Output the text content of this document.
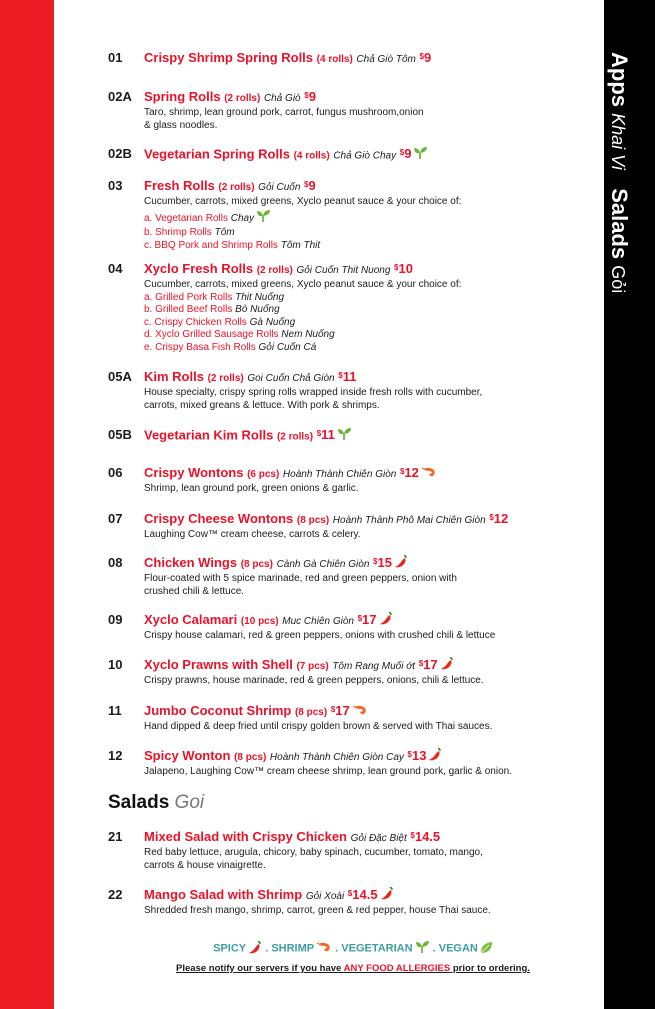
Apps Khai Vi   Salads Gỏi
01 Crispy Shrimp Spring Rolls (4 rolls) Chả Giò Tôm $9
02A Spring Rolls (2 rolls) Chả Giò $9
Taro, shrimp, lean ground pork, carrot, fungus mushroom,onion
& glass noodles.
02B Vegetarian Spring Rolls (4 rolls) Chả Giò Chay $9
03 Fresh Rolls (2 rolls) Gỏi Cuốn $9
Cucumber, carrots, mixed greens, Xyclo peanut sauce & your choice of:
a. Vegetarian Rolls Chay
b. Shrimp Rolls Tôm
c. BBQ Pork and Shrimp Rolls Tôm Thit
04 Xyclo Fresh Rolls (2 rolls) Gỏi Cuốn Thit Nuong $10
Cucumber, carrots, mixed greens, Xyclo peanut sauce & your choice of:
a. Grilled Pork Rolls Thit Nuống
b. Grilled Beef Rolls Bò Nuống
c. Crispy Chicken Rolls Gà Nuống
d. Xyclo Grilled Sausage Rolls Nem Nuống
e. Crispy Basa Fish Rolls Gỏi Cuốn Cá
05A Kim Rolls (2 rolls) Goi Cuốn Chả Giòn $11
House specialty, crispy spring rolls wrapped inside fresh rolls with cucumber,
carrots, mixed greans & lettuce. With pork & shrimps.
05B Vegetarian Kim Rolls (2 rolls) $11
06 Crispy Wontons (6 pcs) Hoành Thành Chiên Giòn $12
Shrimp, lean ground pork, green onions & garlic.
07 Crispy Cheese Wontons (8 pcs) Hoành Thành Phô Mai Chiên Giòn $12
Laughing Cow™ cream cheese, carrots & celery.
08 Chicken Wings (8 pcs) Cành Gà Chiên Giòn $15
Flour-coated with 5 spice marinade, red and green peppers, onion with
crushed chili & lettuce.
09 Xyclo Calamari (10 pcs) Muc Chiên Giòn $17
Crispy house calamari, red & green peppers, onions with crushed chili & lettuce
10 Xyclo Prawns with Shell (7 pcs) Tôm Rang Muối ớt $17
Crispy prawns, house marinade, red & green peppers, onions, chili & lettuce.
11 Jumbo Coconut Shrimp (8 pcs) $17
Hand dipped & deep fried until crispy golden brown & served with Thai sauces.
12 Spicy Wonton (8 pcs) Hoành Thành Chiên Giòn Cay $13
Jalapeno, Laughing Cow™ cream cheese shrimp, lean ground pork, garlic & onion.
Salads Goi
21 Mixed Salad with Crispy Chicken Gỏi Đặc Biệt $14.5
Red baby lettuce, arugula, chicory, baby spinach, cucumber, tomato, mango,
carrots & house vinaigrette.
22 Mango Salad with Shrimp Gỏi Xoài $14.5
Shredded fresh mango, shrimp, carrot, green & red pepper, house Thai sauce.
SPICY . SHRIMP . VEGETARIAN . VEGAN
Please notify our servers if you have ANY FOOD ALLERGIES prior to ordering.
